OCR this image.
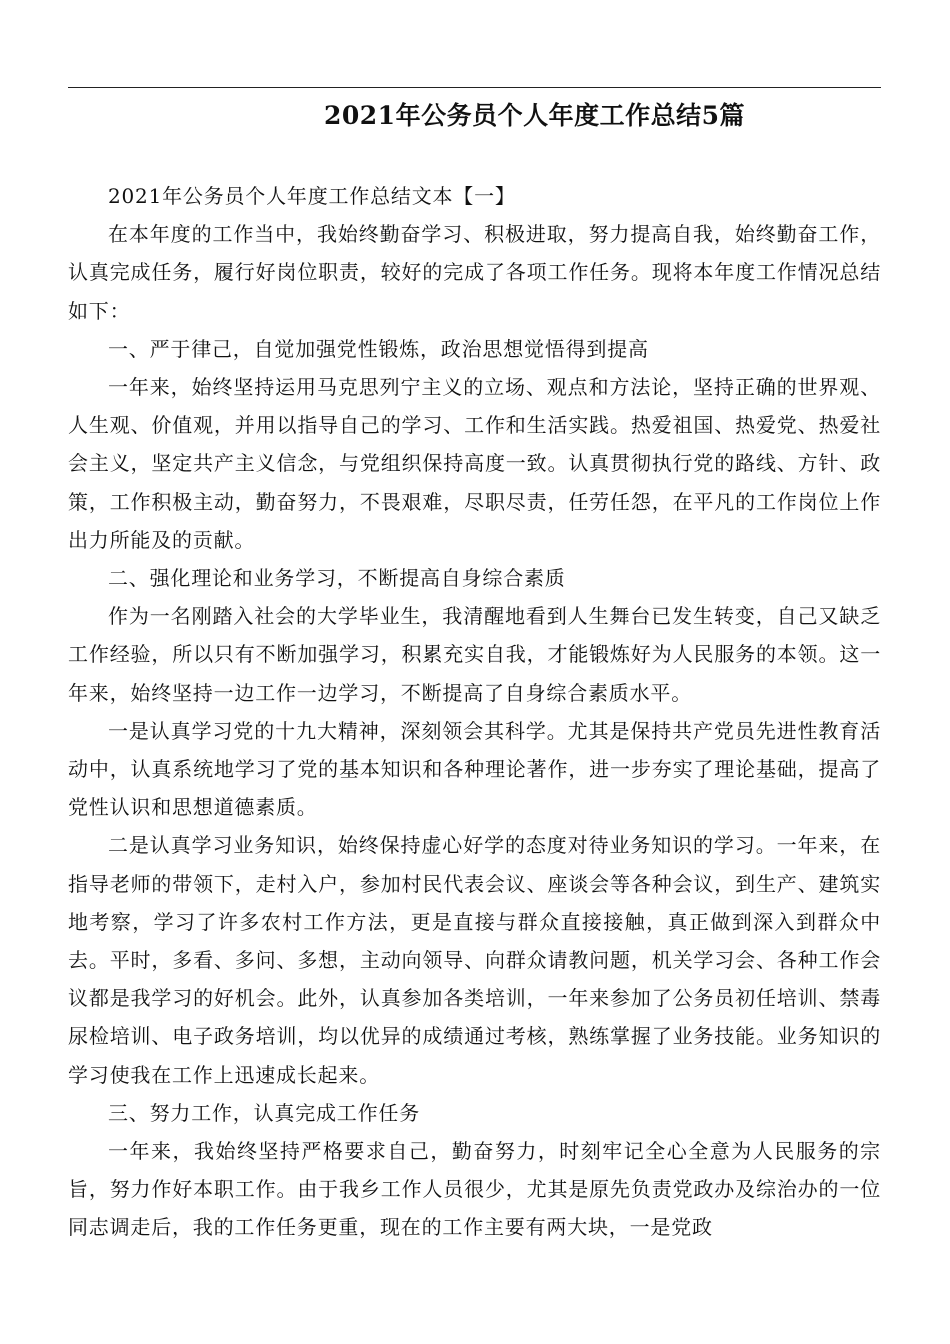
2021年公务员个人年度工作总结5篇

2021年公务员个人年度工作总结文本【一】

在本年度的工作当中，我始终勤奋学习、积极进取，努力提高自我，始终勤奋工作，认真完成任务，履行好岗位职责，较好的完成了各项工作任务。现将本年度工作情况总结如下：

一、严于律己，自觉加强党性锻炼，政治思想觉悟得到提高

一年来，始终坚持运用马克思列宁主义的立场、观点和方法论，坚持正确的世界观、人生观、价值观，并用以指导自己的学习、工作和生活实践。热爱祖国、热爱党、热爱社会主义，坚定共产主义信念，与党组织保持高度一致。认真贯彻执行党的路线、方针、政策，工作积极主动，勤奋努力，不畏艰难，尽职尽责，任劳任怨，在平凡的工作岗位上作出力所能及的贡献。

二、强化理论和业务学习，不断提高自身综合素质

作为一名刚踏入社会的大学毕业生，我清醒地看到人生舞台已发生转变，自己又缺乏工作经验，所以只有不断加强学习，积累充实自我，才能锻炼好为人民服务的本领。这一年来，始终坚持一边工作一边学习，不断提高了自身综合素质水平。

一是认真学习党的十九大精神，深刻领会其科学。尤其是保持共产党员先进性教育活动中，认真系统地学习了党的基本知识和各种理论著作，进一步夯实了理论基础，提高了党性认识和思想道德素质。

二是认真学习业务知识，始终保持虚心好学的态度对待业务知识的学习。一年来，在指导老师的带领下，走村入户，参加村民代表会议、座谈会等各种会议，到生产、建筑实地考察，学习了许多农村工作方法，更是直接与群众直接接触，真正做到深入到群众中去。平时，多看、多问、多想，主动向领导、向群众请教问题，机关学习会、各种工作会议都是我学习的好机会。此外，认真参加各类培训，一年来参加了公务员初任培训、禁毒尿检培训、电子政务培训，均以优异的成绩通过考核，熟练掌握了业务技能。业务知识的学习使我在工作上迅速成长起来。

三、努力工作，认真完成工作任务

一年来，我始终坚持严格要求自己，勤奋努力，时刻牢记全心全意为人民服务的宗旨，努力作好本职工作。由于我乡工作人员很少，尤其是原先负责党政办及综治办的一位同志调走后，我的工作任务更重，现在的工作主要有两大块，一是党政
